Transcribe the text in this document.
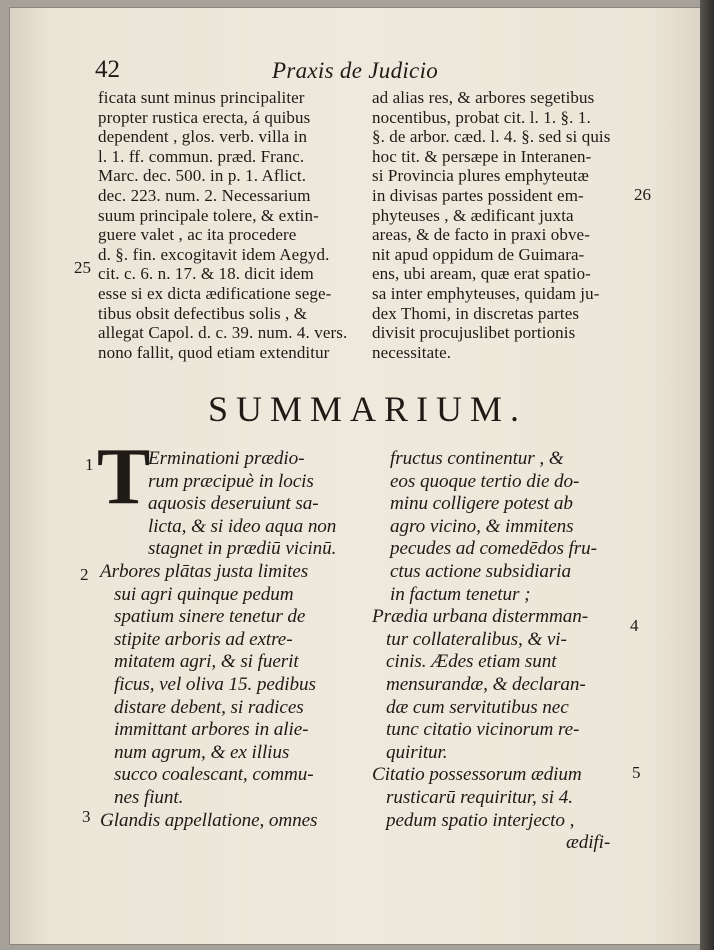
42	Praxis de Judicio
ficata sunt minus principaliter
propter rustica erecta, á quibus
dependent , glos. verb. villa in
l. 1. ff. commun. præd. Franc.
Marc. dec. 500. in p. 1. Aflict.
dec. 223. num. 2. Necessarium
suum principale tolere, & extin-
guere valet , ac ita procedere
d. §. fin. excogitavit idem Aegyd.
cit. c. 6. n. 17. & 18. dicit idem
esse si ex dicta ædificatione sege-
tibus obsit defectibus solis , &
allegat Capol. d. c. 39. num. 4. vers.
nono fallit, quod etiam extenditur
ad alias res, & arbores segetibus
nocentibus, probat cit. l. 1. §. 1.
§. de arbor. cæd. l. 4. §. sed si quis
hoc tit. & persæpe in Interanen-
si Provincia plures emphyteutæ
in divisas partes possident em-
phyteuses , & ædificant juxta
areas, & de facto in praxi obve-
nit apud oppidum de Guimara-
ens, ubi aream, quæ erat spatio-
sa inter emphyteuses, quidam ju-
dex Thomi, in discretas partes
divisit procujuslibet portionis
necessitate.
25
26
SUMMARIUM.
T
1
2
3
4
5
Erminationi prædio-
rum præcipuè in locis
aquosis deseruiunt sa-
licta, & si ideo aqua non
stagnet in prædiū vicinū.
Arbores plātas justa limites
sui agri quinque pedum
spatium sinere tenetur de
stipite arboris ad extre-
mitatem agri, & si fuerit
ficus, vel oliva 15. pedibus
distare debent, si radices
immittant arbores in alie-
num agrum, & ex illius
succo coalescant, commu-
nes fiunt.
Glandis appellatione, omnes
fructus continentur , &
eos quoque tertio die do-
minu colligere potest ab
agro vicino, & immitens
pecudes ad comedēdos fru-
ctus actione subsidiaria
in factum tenetur ;
Prædia urbana distermman-
tur collateralibus, & vi-
cinis. Ædes etiam sunt
mensurandæ, & declaran-
dæ cum servitutibus nec
tunc citatio vicinorum re-
quiritur.
Citatio possessorum ædium
rusticarū requiritur, si 4.
pedum spatio interjecto ,
ædifi-
